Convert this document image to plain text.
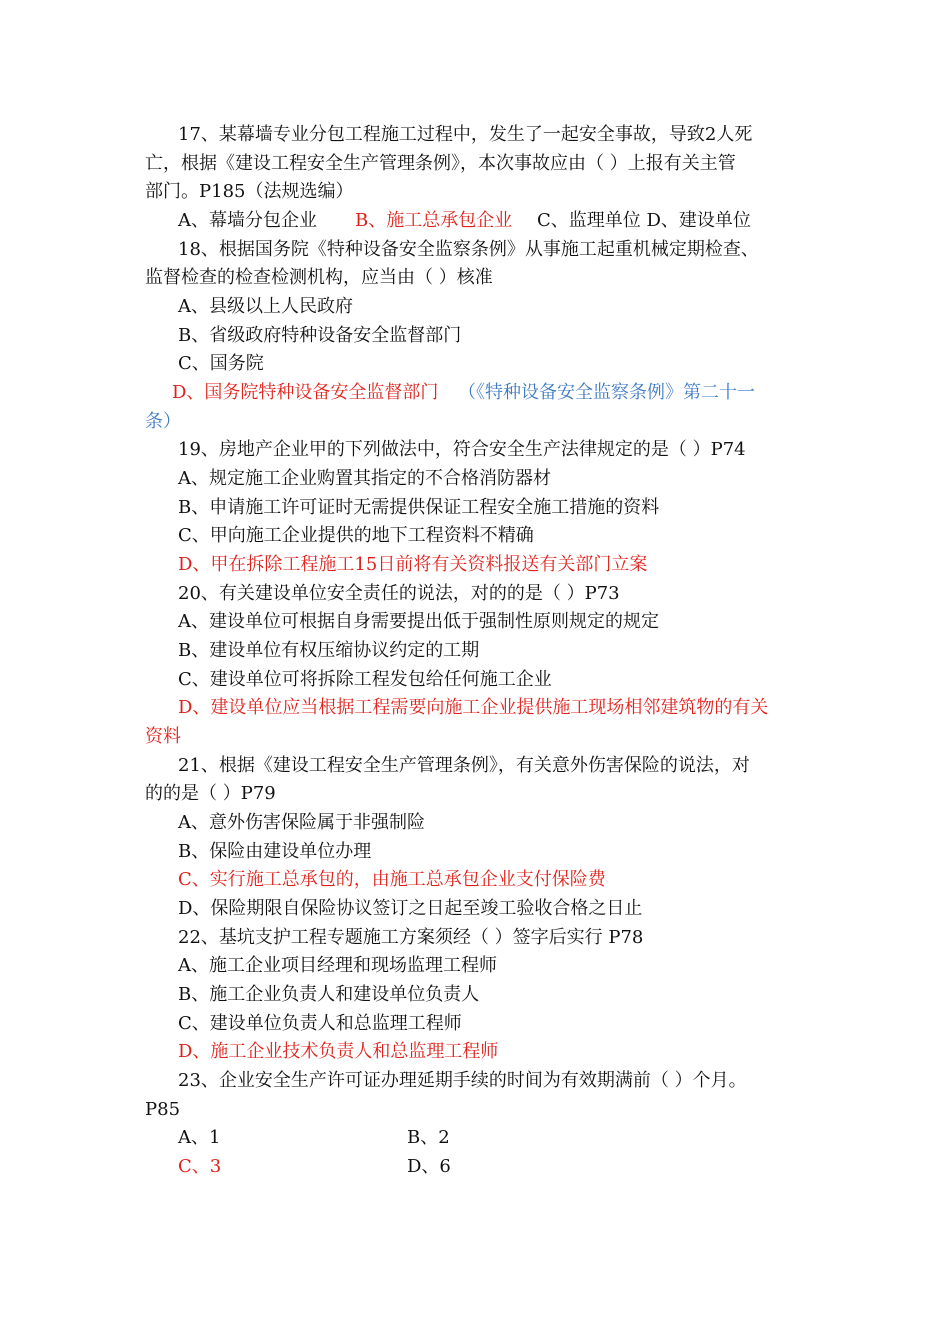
17、某幕墙专业分包工程施工过程中，发生了一起安全事故，导致2人死
亡，根据《建设工程安全生产管理条例》，本次事故应由（ ）上报有关主管
部门。P185（法规选编）
A、幕墙分包企业 B、施工总承包企业 C、监理单位 D、建设单位
18、根据国务院《特种设备安全监察条例》从事施工起重机械定期检查、
监督检查的检查检测机构，应当由（ ）核准
A、县级以上人民政府
B、省级政府特种设备安全监督部门
C、国务院
D、国务院特种设备安全监督部门 （《特种设备安全监察条例》第二十一
条）
19、房地产企业甲的下列做法中，符合安全生产法律规定的是（ ）P74
A、规定施工企业购置其指定的不合格消防器材
B、申请施工许可证时无需提供保证工程安全施工措施的资料
C、甲向施工企业提供的地下工程资料不精确
D、甲在拆除工程施工15日前将有关资料报送有关部门立案
20、有关建设单位安全责任的说法，对的的是（ ）P73
A、建设单位可根据自身需要提出低于强制性原则规定的规定
B、建设单位有权压缩协议约定的工期
C、建设单位可将拆除工程发包给任何施工企业
D、建设单位应当根据工程需要向施工企业提供施工现场相邻建筑物的有关
资料
21、根据《建设工程安全生产管理条例》，有关意外伤害保险的说法，对
的的是（ ）P79
A、意外伤害保险属于非强制险
B、保险由建设单位办理
C、实行施工总承包的，由施工总承包企业支付保险费
D、保险期限自保险协议签订之日起至竣工验收合格之日止
22、基坑支护工程专题施工方案须经（ ）签字后实行 P78
A、施工企业项目经理和现场监理工程师
B、施工企业负责人和建设单位负责人
C、建设单位负责人和总监理工程师
D、施工企业技术负责人和总监理工程师
23、企业安全生产许可证办理延期手续的时间为有效期满前（ ）个月。
P85
A、1	B、2
C、3	D、6
